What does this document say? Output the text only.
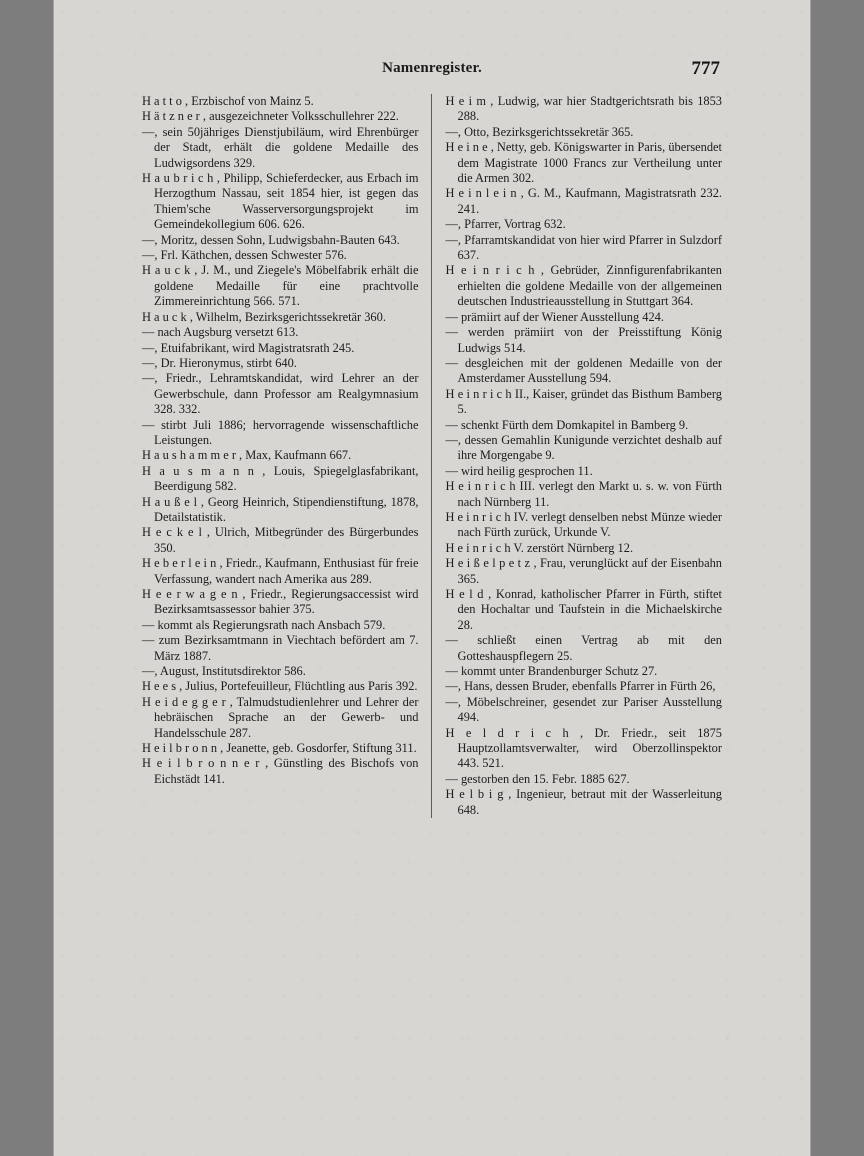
Namenregister.	777

H a t t o , Erzbischof von Mainz 5.

H ä t z n e r , ausgezeichneter Volksschullehrer 222.

—, sein 50jähriges Dienstjubiläum, wird Ehrenbürger der Stadt, erhält die goldene Medaille des Ludwigsordens 329.

H a u b r i c h , Philipp, Schieferdecker, aus Erbach im Herzogthum Nassau, seit 1854 hier, ist gegen das Thiem'sche Wasserversorgungsprojekt im Gemeindekollegium 606. 626.

—, Moritz, dessen Sohn, Ludwigsbahn-Bauten 643.

—, Frl. Käthchen, dessen Schwester 576.

H a u c k , J. M., und Ziegele's Möbelfabrik erhält die goldene Medaille für eine prachtvolle Zimmereinrichtung 566. 571.

H a u c k , Wilhelm, Bezirksgerichtssekretär 360.

— nach Augsburg versetzt 613.

—, Etuifabrikant, wird Magistratsrath 245.

—, Dr. Hieronymus, stirbt 640.

—, Friedr., Lehramtskandidat, wird Lehrer an der Gewerbschule, dann Professor am Realgymnasium 328. 332.

— stirbt Juli 1886; hervorragende wissenschaftliche Leistungen.

H a u s h a m m e r , Max, Kaufmann 667.

H a u s m a n n , Louis, Spiegelglasfabrikant, Beerdigung 582.

H a u ß e l , Georg Heinrich, Stipendienstiftung, 1878, Detailstatistik.

H e c k e l , Ulrich, Mitbegründer des Bürgerbundes 350.

H e b e r l e i n , Friedr., Kaufmann, Enthusiast für freie Verfassung, wandert nach Amerika aus 289.

H e e r w a g e n , Friedr., Regierungsaccessist wird Bezirksamtsassessor bahier 375.

— kommt als Regierungsrath nach Ansbach 579.

— zum Bezirksamtmann in Viechtach befördert am 7. März 1887.

—, August, Institutsdirektor 586.

H e e s , Julius, Portefeuilleur, Flüchtling aus Paris 392.

H e i d e g g e r , Talmudstudienlehrer und Lehrer der hebräischen Sprache an der Gewerb- und Handelsschule 287.

H e i l b r o n n , Jeanette, geb. Gosdorfer, Stiftung 311.

H e i l b r o n n e r , Günstling des Bischofs von Eichstädt 141.

H e i m , Ludwig, war hier Stadtgerichtsrath bis 1853 288.

—, Otto, Bezirksgerichtssekretär 365.

H e i n e , Netty, geb. Königswarter in Paris, übersendet dem Magistrate 1000 Francs zur Vertheilung unter die Armen 302.

H e i n l e i n , G. M., Kaufmann, Magistratsrath 232. 241.

—, Pfarrer, Vortrag 632.

—, Pfarramtskandidat von hier wird Pfarrer in Sulzdorf 637.

H e i n r i c h , Gebrüder, Zinnfigurenfabrikanten erhielten die goldene Medaille von der allgemeinen deutschen Industrieausstellung in Stuttgart 364.

— prämiirt auf der Wiener Ausstellung 424.

— werden prämiirt von der Preisstiftung König Ludwigs 514.

— desgleichen mit der goldenen Medaille von der Amsterdamer Ausstellung 594.

H e i n r i c h II., Kaiser, gründet das Bisthum Bamberg 5.

— schenkt Fürth dem Domkapitel in Bamberg 9.

—, dessen Gemahlin Kunigunde verzichtet deshalb auf ihre Morgengabe 9.

— wird heilig gesprochen 11.

H e i n r i c h III. verlegt den Markt u. s. w. von Fürth nach Nürnberg 11.

H e i n r i c h IV. verlegt denselben nebst Münze wieder nach Fürth zurück, Urkunde V.

H e i n r i c h V. zerstört Nürnberg 12.

H e i ß e l p e t z , Frau, verunglückt auf der Eisenbahn 365.

H e l d , Konrad, katholischer Pfarrer in Fürth, stiftet den Hochaltar und Taufstein in die Michaelskirche 28.

— schließt einen Vertrag ab mit den Gotteshauspflegern 25.

— kommt unter Brandenburger Schutz 27.

—, Hans, dessen Bruder, ebenfalls Pfarrer in Fürth 26,

—, Möbelschreiner, gesendet zur Pariser Ausstellung 494.

H e l d r i c h , Dr. Friedr., seit 1875 Hauptzollamtsverwalter, wird Oberzollinspektor 443. 521.

— gestorben den 15. Febr. 1885 627.

H e l b i g , Ingenieur, betraut mit der Wasserleitung 648.
